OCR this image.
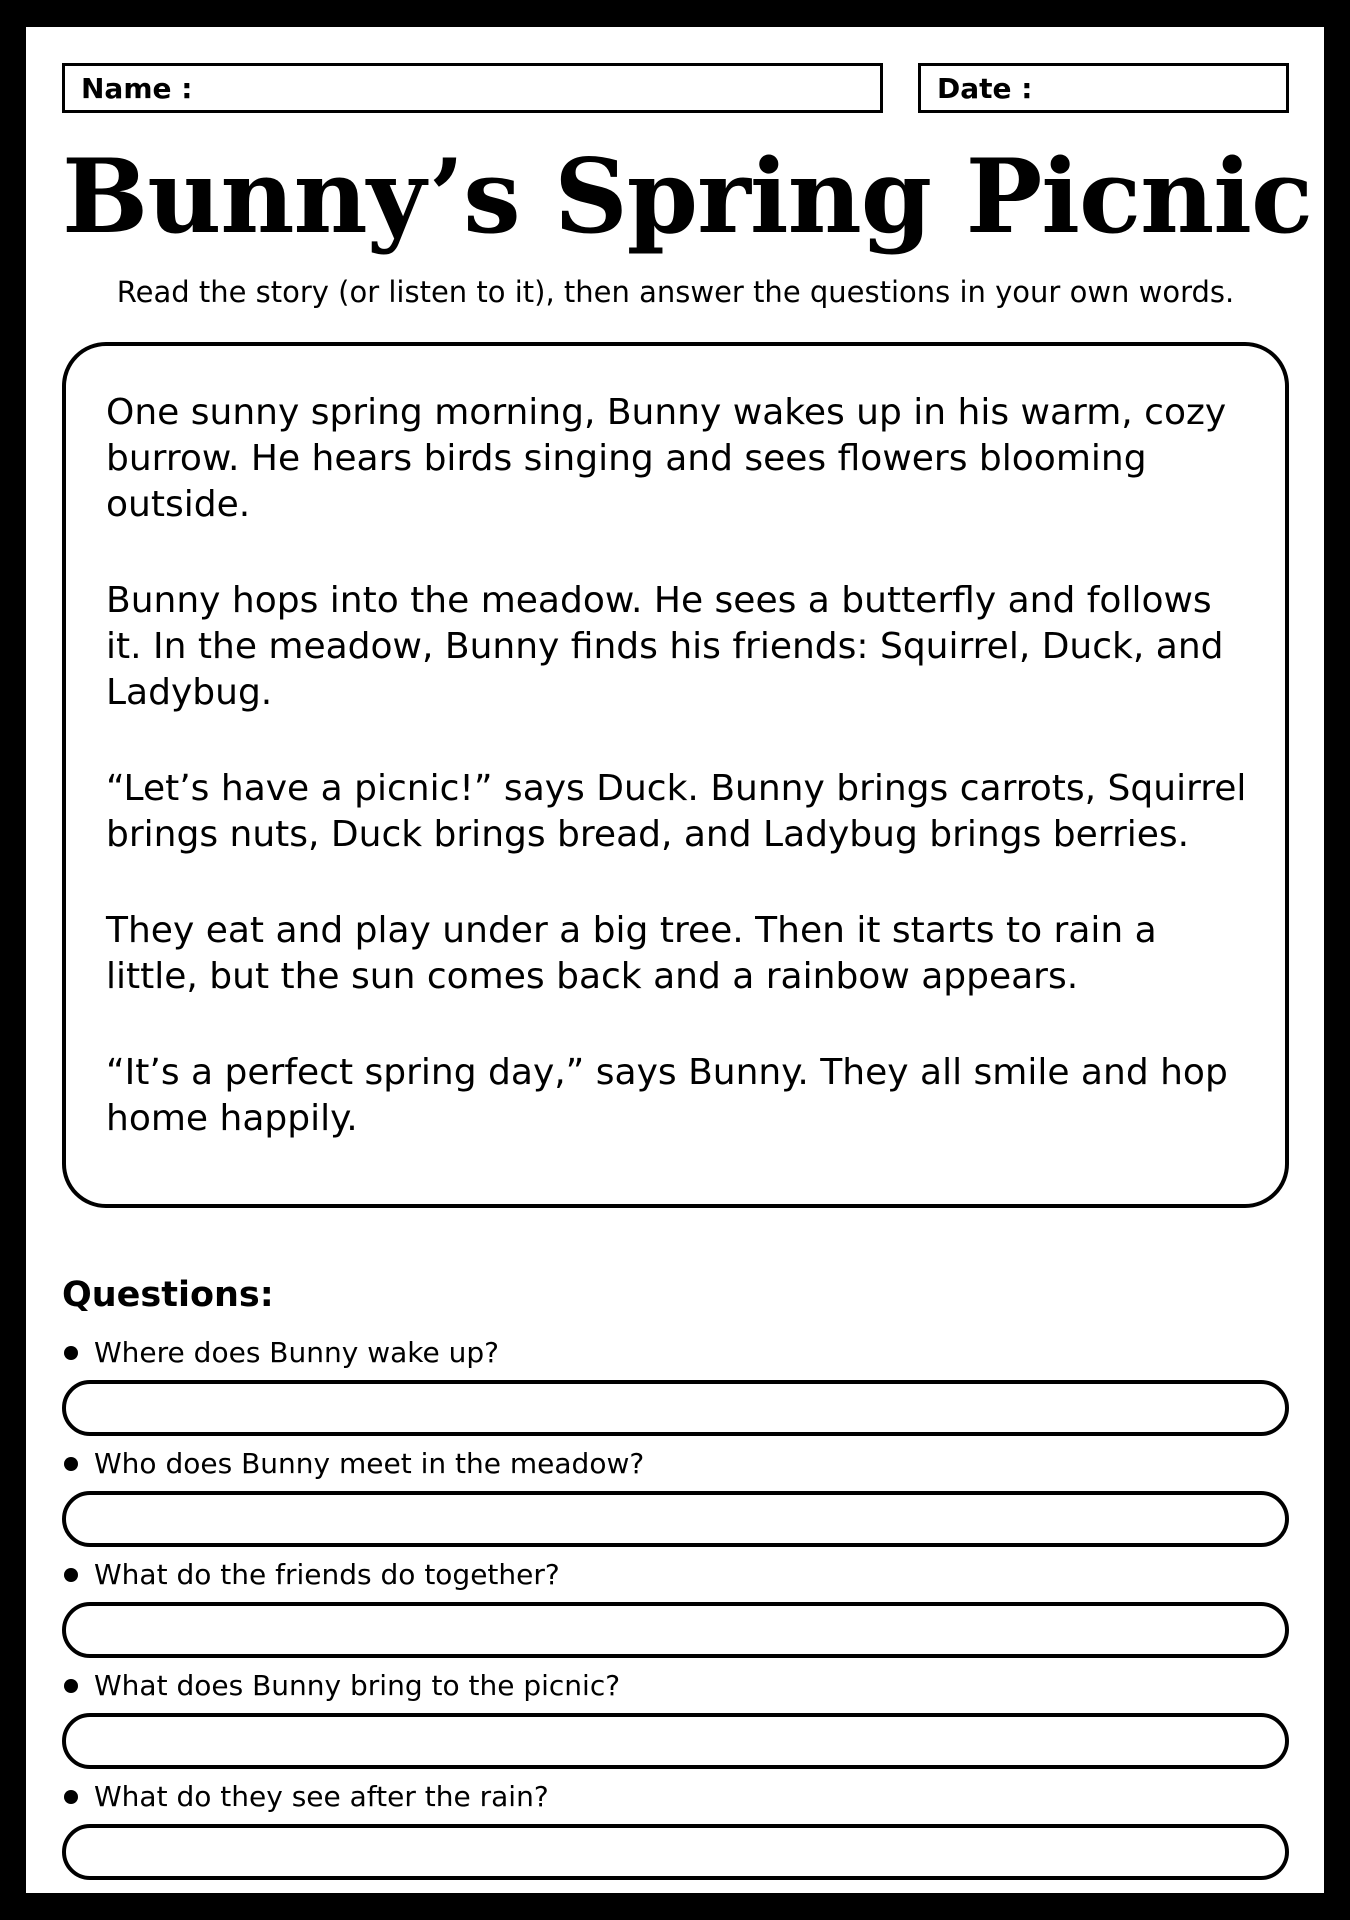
Name :	Date :
Bunny’s Spring Picnic

Read the story (or listen to it), then answer the questions in your own words.

One sunny spring morning, Bunny wakes up in his warm, cozy burrow. He hears birds singing and sees flowers blooming outside.

Bunny hops into the meadow. He sees a butterfly and follows it. In the meadow, Bunny finds his friends: Squirrel, Duck, and Ladybug.

“Let’s have a picnic!” says Duck. Bunny brings carrots, Squirrel brings nuts, Duck brings bread, and Ladybug brings berries.

They eat and play under a big tree. Then it starts to rain a little, but the sun comes back and a rainbow appears.

“It’s a perfect spring day,” says Bunny. They all smile and hop home happily.

Questions:
Where does Bunny wake up?
Who does Bunny meet in the meadow?
What do the friends do together?
What does Bunny bring to the picnic?
What do they see after the rain?
